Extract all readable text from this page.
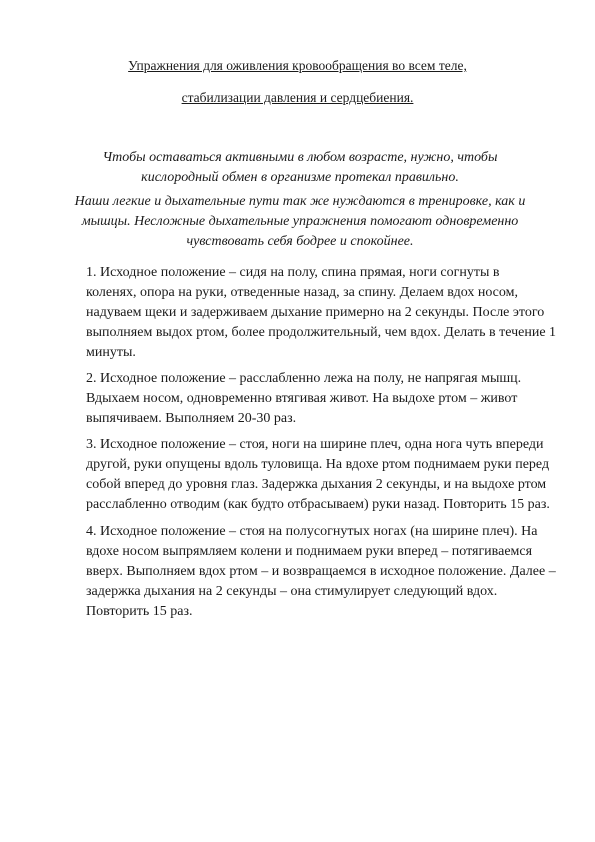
Упражнения для оживления кровообращения во всем теле,
стабилизации давления и сердцебиения.
Чтобы оставаться активными в любом возрасте, нужно, чтобы
кислородный обмен в организме протекал правильно.
Наши легкие и дыхательные пути так же нуждаются в тренировке, как и
мышцы. Несложные дыхательные упражнения помогают одновременно
чувствовать себя бодрее и спокойнее.
1. Исходное положение – сидя на полу, спина прямая, ноги согнуты в
коленях, опора на руки, отведенные назад, за спину. Делаем вдох носом,
надуваем щеки и задерживаем дыхание примерно на 2 секунды. После этого
выполняем выдох ртом, более продолжительный, чем вдох. Делать в течение 1
минуты.
2. Исходное положение – расслабленно лежа на полу, не напрягая мышц.
Вдыхаем носом, одновременно втягивая живот. На выдохе ртом – живот
выпячиваем. Выполняем 20-30 раз.
3. Исходное положение – стоя, ноги на ширине плеч, одна нога чуть впереди
другой, руки опущены вдоль туловища. На вдохе ртом поднимаем руки перед
собой вперед до уровня глаз. Задержка дыхания 2 секунды, и на выдохе ртом
расслабленно отводим (как будто отбрасываем) руки назад. Повторить 15 раз.
4. Исходное положение – стоя на полусогнутых ногах (на ширине плеч). На
вдохе носом выпрямляем колени и поднимаем руки вперед – потягиваемся
вверх. Выполняем вдох ртом – и возвращаемся в исходное положение. Далее –
задержка дыхания на 2 секунды – она стимулирует следующий вдох.
Повторить 15 раз.
